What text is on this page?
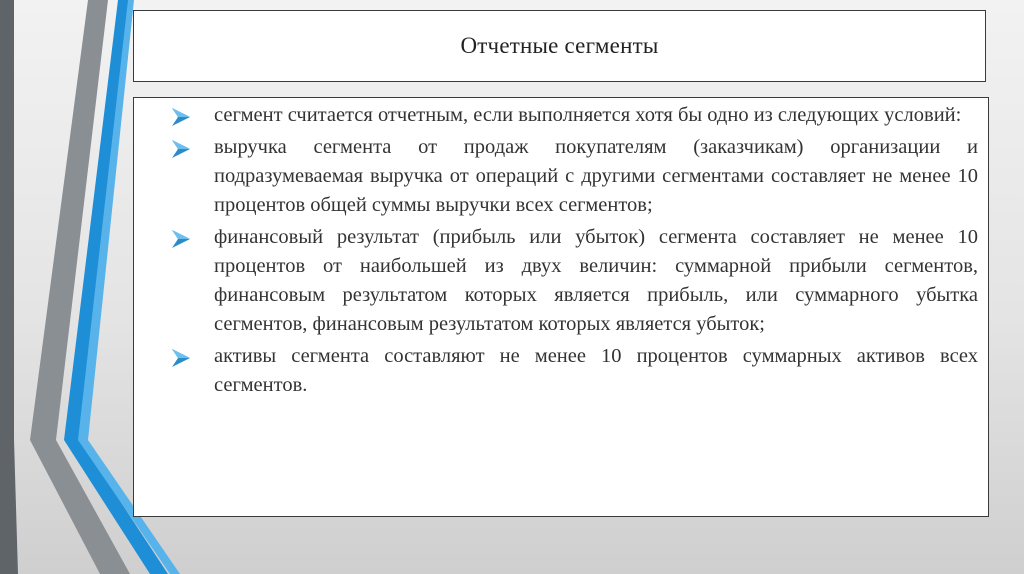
Отчетные сегменты
сегмент считается отчетным, если выполняется хотя бы одно из следующих условий:
выручка сегмента от продаж покупателям (заказчикам) организации и подразумеваемая выручка от операций с другими сегментами составляет не менее 10 процентов общей суммы выручки всех сегментов;
финансовый результат (прибыль или убыток) сегмента составляет не менее 10 процентов от наибольшей из двух величин: суммарной прибыли сегментов, финансовым результатом которых является прибыль, или суммарного убытка сегментов, финансовым результатом которых является убыток;
активы сегмента составляют не менее 10 процентов суммарных активов всех сегментов.
